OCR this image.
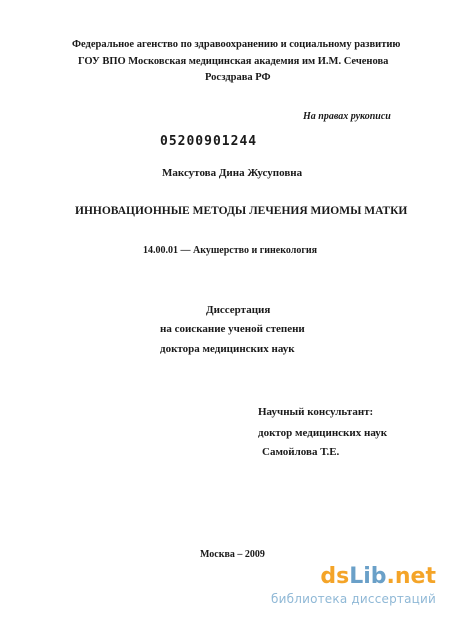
Федеральное агенство по здравоохранению и социальному развитию
ГОУ ВПО Московская медицинская академия им И.М. Сеченова
Росздрава РФ
На правах рукописи
05200901244
Максутова Дина Жусуповна
ИННОВАЦИОННЫЕ МЕТОДЫ ЛЕЧЕНИЯ МИОМЫ МАТКИ
14.00.01 — Акушерство и гинекология
Диссертация
на соискание ученой степени
доктора медицинских наук
Научный консультант:
доктор медицинских наук
Самойлова Т.Е.
Москва – 2009
dsLib.net
библиотека диссертаций
